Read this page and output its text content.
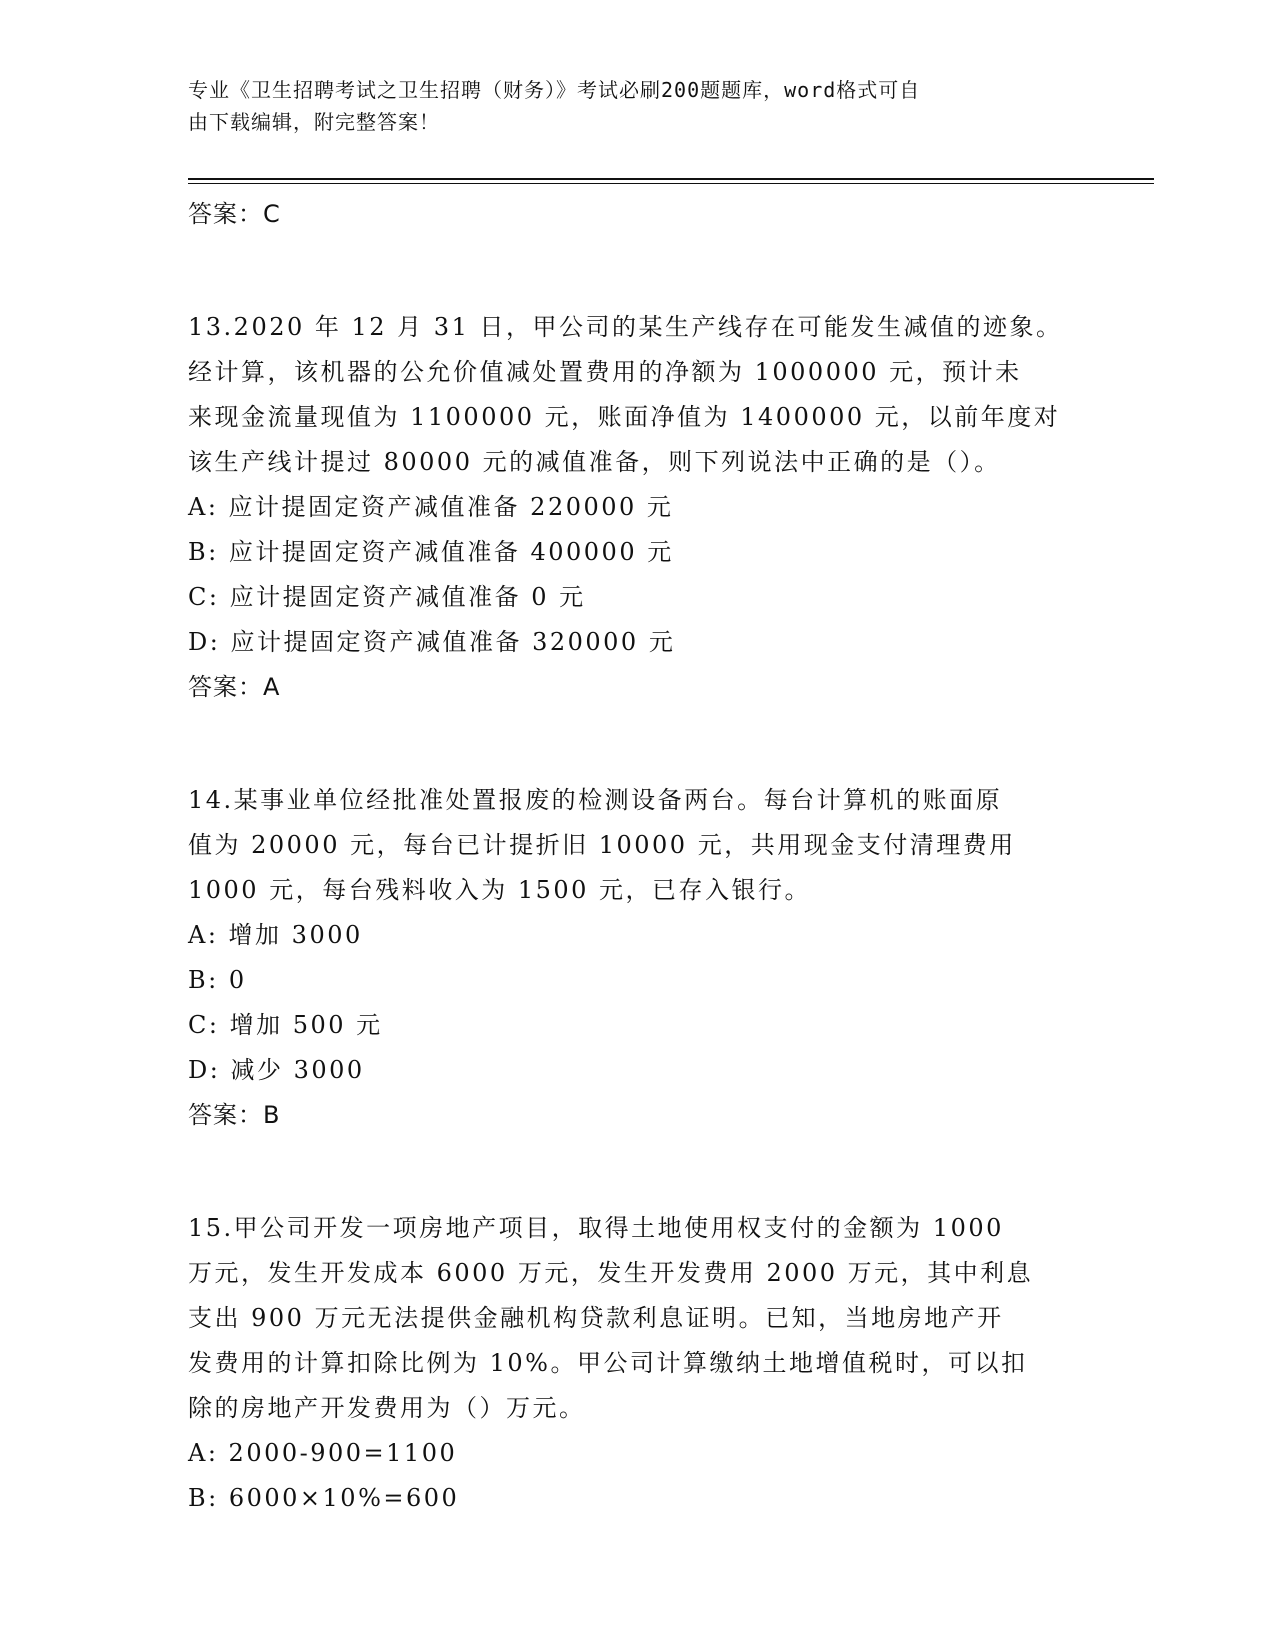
专业《卫生招聘考试之卫生招聘（财务）》考试必刷200题题库，word格式可自
由下载编辑，附完整答案！
答案：C
13.2020 年 12 月 31 日，甲公司的某生产线存在可能发生减值的迹象。
经计算，该机器的公允价值减处置费用的净额为 1000000 元，预计未
来现金流量现值为 1100000 元，账面净值为 1400000 元，以前年度对
该生产线计提过 80000 元的减值准备，则下列说法中正确的是（）。
A: 应计提固定资产减值准备 220000 元
B: 应计提固定资产减值准备 400000 元
C: 应计提固定资产减值准备 0 元
D: 应计提固定资产减值准备 320000 元
答案：A
14.某事业单位经批准处置报废的检测设备两台。每台计算机的账面原
值为 20000 元，每台已计提折旧 10000 元，共用现金支付清理费用
1000 元，每台残料收入为 1500 元，已存入银行。
A: 增加 3000
B: 0
C: 增加 500 元
D: 减少 3000
答案：B
15.甲公司开发一项房地产项目，取得土地使用权支付的金额为 1000
万元，发生开发成本 6000 万元，发生开发费用 2000 万元，其中利息
支出 900 万元无法提供金融机构贷款利息证明。已知，当地房地产开
发费用的计算扣除比例为 10%。甲公司计算缴纳土地增值税时，可以扣
除的房地产开发费用为（）万元。
A: 2000-900=1100
B: 6000×10%=600
